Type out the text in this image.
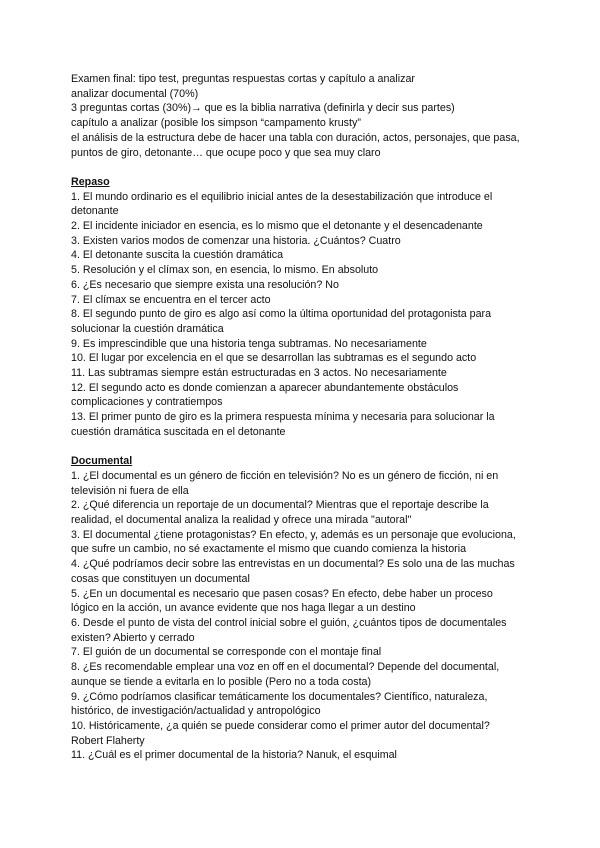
Examen final: tipo test, preguntas respuestas cortas y capítulo a analizar
analizar documental (70%)
3 preguntas cortas (30%)→ que es la biblia narrativa (definirla y decir sus partes)
capítulo a analizar (posible los simpson “campamento krusty”
el análisis de la estructura debe de hacer una tabla con duración, actos, personajes, que pasa, puntos de giro, detonante… que ocupe poco y que sea muy claro
Repaso
1. El mundo ordinario es el equilibrio inicial antes de la desestabilización que introduce el detonante
2. El incidente iniciador en esencia, es lo mismo que el detonante y el desencadenante
3. Existen varios modos de comenzar una historia. ¿Cuántos? Cuatro
4. El detonante suscita la cuestión dramática
5. Resolución y el clímax son, en esencia, lo mismo. En absoluto
6. ¿Es necesario que siempre exista una resolución? No
7. El clímax se encuentra en el tercer acto
8. El segundo punto de giro es algo así como la última oportunidad del protagonista para solucionar la cuestión dramática
9. Es imprescindible que una historia tenga subtramas. No necesariamente
10. El lugar por excelencia en el que se desarrollan las subtramas es el segundo acto
11. Las subtramas siempre están estructuradas en 3 actos. No necesariamente
12. El segundo acto es donde comienzan a aparecer abundantemente obstáculos complicaciones y contratiempos
13. El primer punto de giro es la primera respuesta mínima y necesaria para solucionar la cuestión dramática suscitada en el detonante
Documental
1. ¿El documental es un género de ficción en televisión? No es un género de ficción, ni en televisión ni fuera de ella
2. ¿Qué diferencia un reportaje de un documental? Mientras que el reportaje describe la realidad, el documental analiza la realidad y ofrece una mirada "autoral"
3. El documental ¿tiene protagonistas? En efecto, y, además es un personaje que evoluciona, que sufre un cambio, no sé exactamente el mismo que cuando comienza la historia
4. ¿Qué podríamos decir sobre las entrevistas en un documental? Es solo una de las muchas cosas que constituyen un documental
5. ¿En un documental es necesario que pasen cosas? En efecto, debe haber un proceso lógico en la acción, un avance evidente que nos haga llegar a un destino
6. Desde el punto de vista del control inicial sobre el guión, ¿cuántos tipos de documentales existen? Abierto y cerrado
7. El guión de un documental se corresponde con el montaje final
8. ¿Es recomendable emplear una voz en off en el documental? Depende del documental, aunque se tiende a evitarla en lo posible (Pero no a toda costa)
9. ¿Cómo podríamos clasificar temáticamente los documentales? Científico, naturaleza, histórico, de investigación/actualidad y antropológico
10. Históricamente, ¿a quién se puede considerar como el primer autor del documental? Robert Flaherty
11. ¿Cuál es el primer documental de la historia? Nanuk, el esquimal
